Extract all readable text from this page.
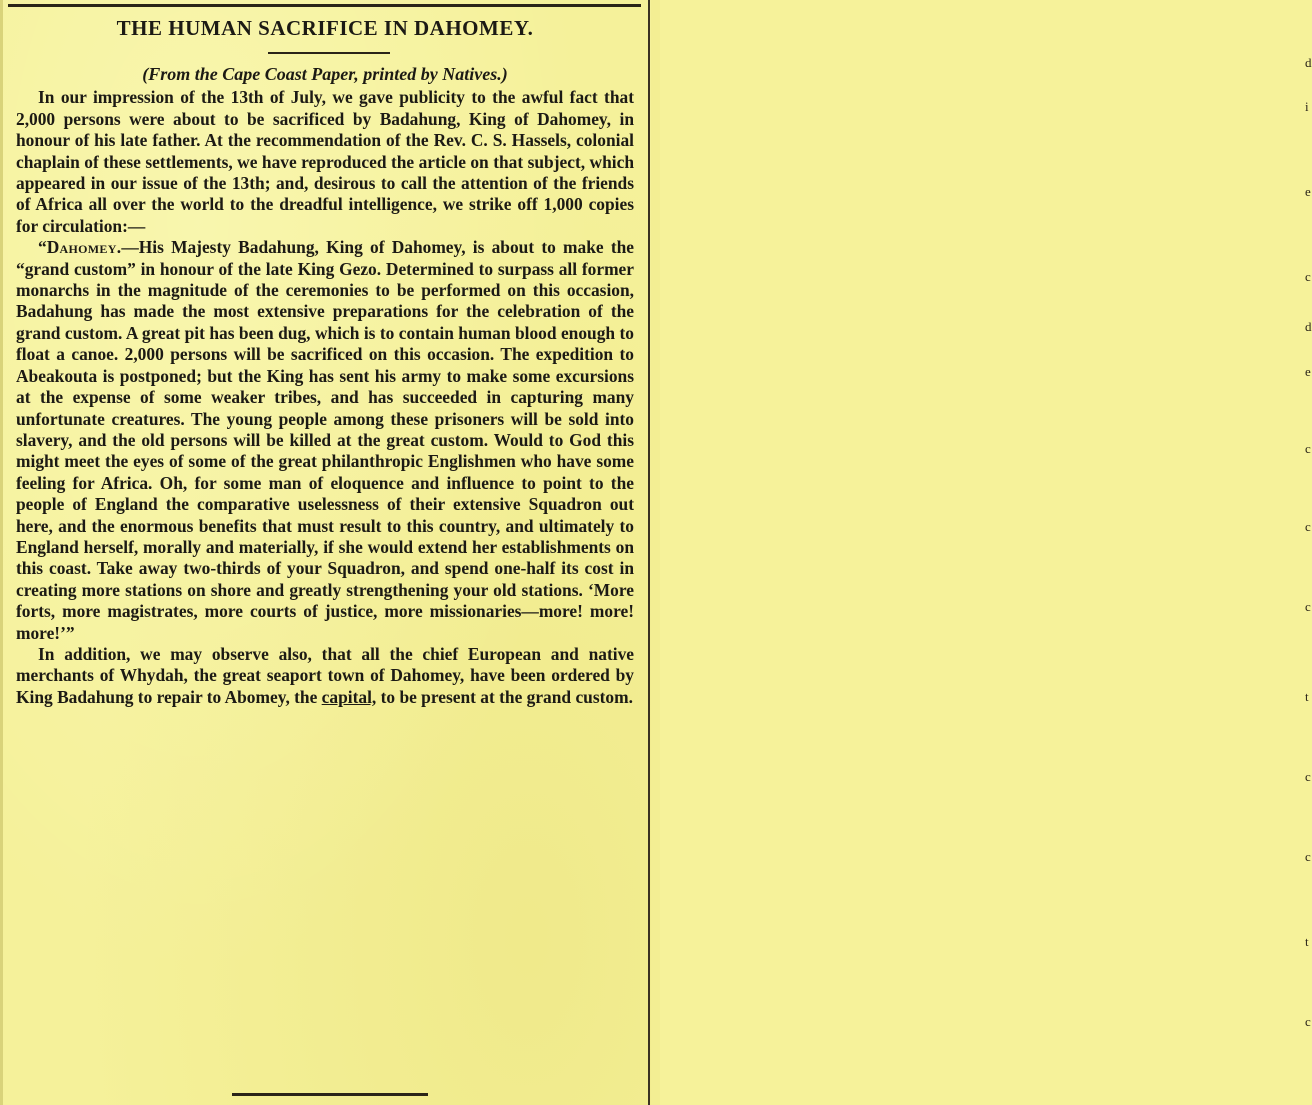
THE HUMAN SACRIFICE IN DAHOMEY.

(From the Cape Coast Paper, printed by Natives.)

In our impression of the 13th of July, we gave publicity to the awful fact that 2,000 persons were about to be sacrificed by Badahung, King of Dahomey, in honour of his late father. At the recommendation of the Rev. C. S. Hassels, colonial chaplain of these settlements, we have reproduced the article on that subject, which appeared in our issue of the 13th; and, desirous to call the attention of the friends of Africa all over the world to the dreadful intelligence, we strike off 1,000 copies for circulation:—

“Dahomey.—His Majesty Badahung, King of Dahomey, is about to make the “grand custom” in honour of the late King Gezo. Determined to surpass all former monarchs in the magnitude of the ceremonies to be performed on this occasion, Badahung has made the most extensive preparations for the celebration of the grand custom. A great pit has been dug, which is to contain human blood enough to float a canoe. 2,000 persons will be sacrificed on this occasion. The expedition to Abeakouta is postponed; but the King has sent his army to make some excursions at the expense of some weaker tribes, and has succeeded in capturing many unfortunate creatures. The young people among these prisoners will be sold into slavery, and the old persons will be killed at the great custom. Would to God this might meet the eyes of some of the great philanthropic Englishmen who have some feeling for Africa. Oh, for some man of eloquence and influence to point to the people of England the comparative uselessness of their extensive Squadron out here, and the enormous benefits that must result to this country, and ultimately to England herself, morally and materially, if she would extend her establishments on this coast. Take away two-thirds of your Squadron, and spend one-half its cost in creating more stations on shore and greatly strengthening your old stations. ‘More forts, more magistrates, more courts of justice, more missionaries—more! more! more!’”

In addition, we may observe also, that all the chief European and native merchants of Whydah, the great seaport town of Dahomey, have been ordered by King Badahung to repair to Abomey, the capital, to be present at the grand custom.

d
i
e
c
d
e
c
c
c
t
c
c
t
c
